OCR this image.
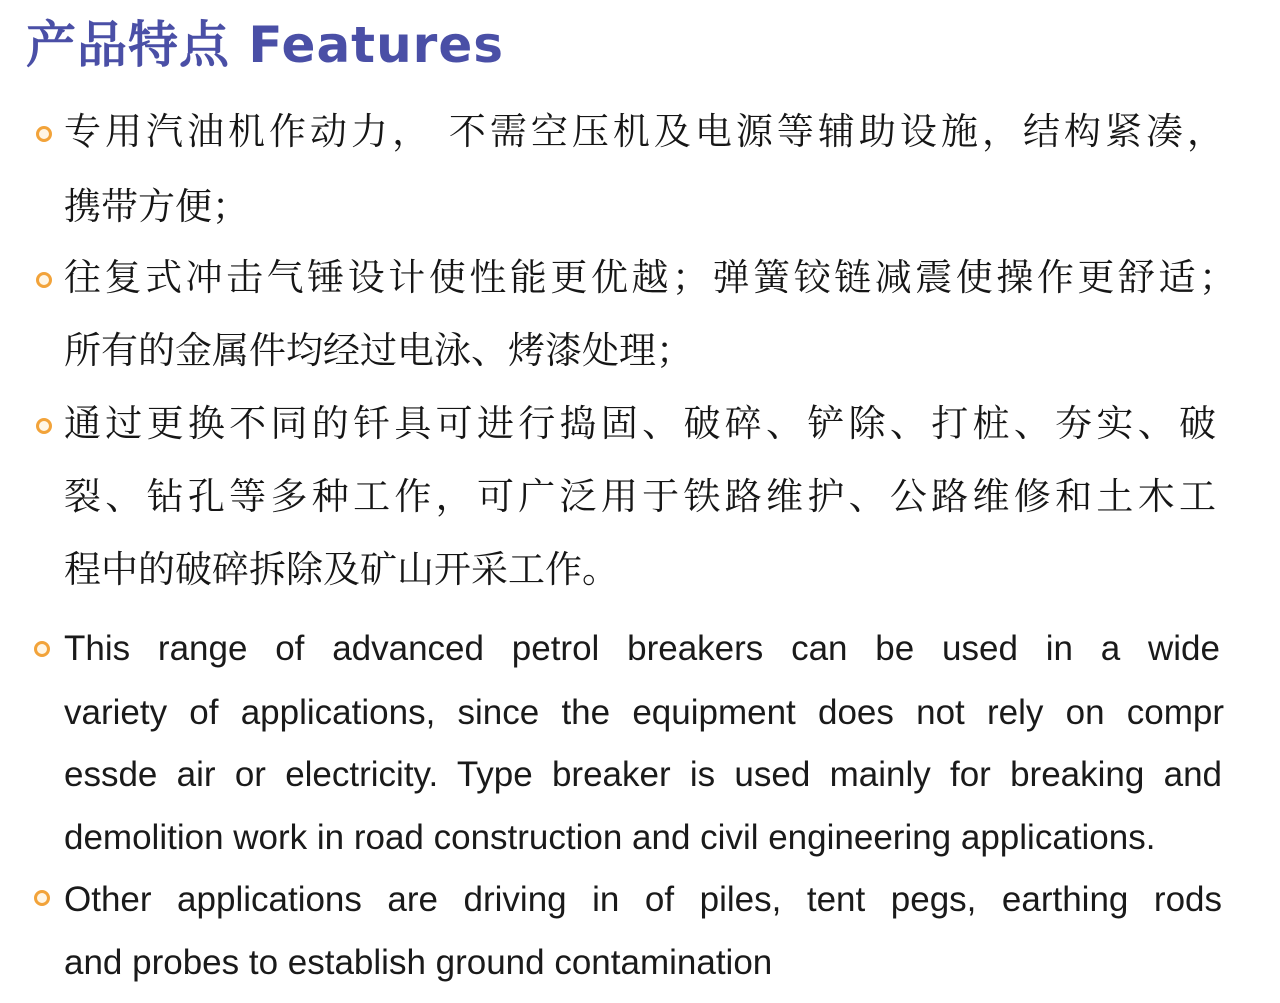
产品特点 Features
专用汽油机作动力， 不需空压机及电源等辅助设施，结构紧凑，
携带方便；
往复式冲击气锤设计使性能更优越；弹簧铰链减震使操作更舒适；
所有的金属件均经过电泳、烤漆处理；
通过更换不同的钎具可进行捣固、破碎、铲除、打桩、夯实、破
裂、钻孔等多种工作，可广泛用于铁路维护、公路维修和土木工
程中的破碎拆除及矿山开采工作。
This range of advanced petrol breakers can be used in a wide
variety of applications, since the equipment does not rely on compr
essde air or electricity. Type breaker is used mainly for breaking and
demolition work in road construction and civil engineering applications.
Other applications are driving in of piles, tent pegs, earthing rods
and probes to establish ground contamination
